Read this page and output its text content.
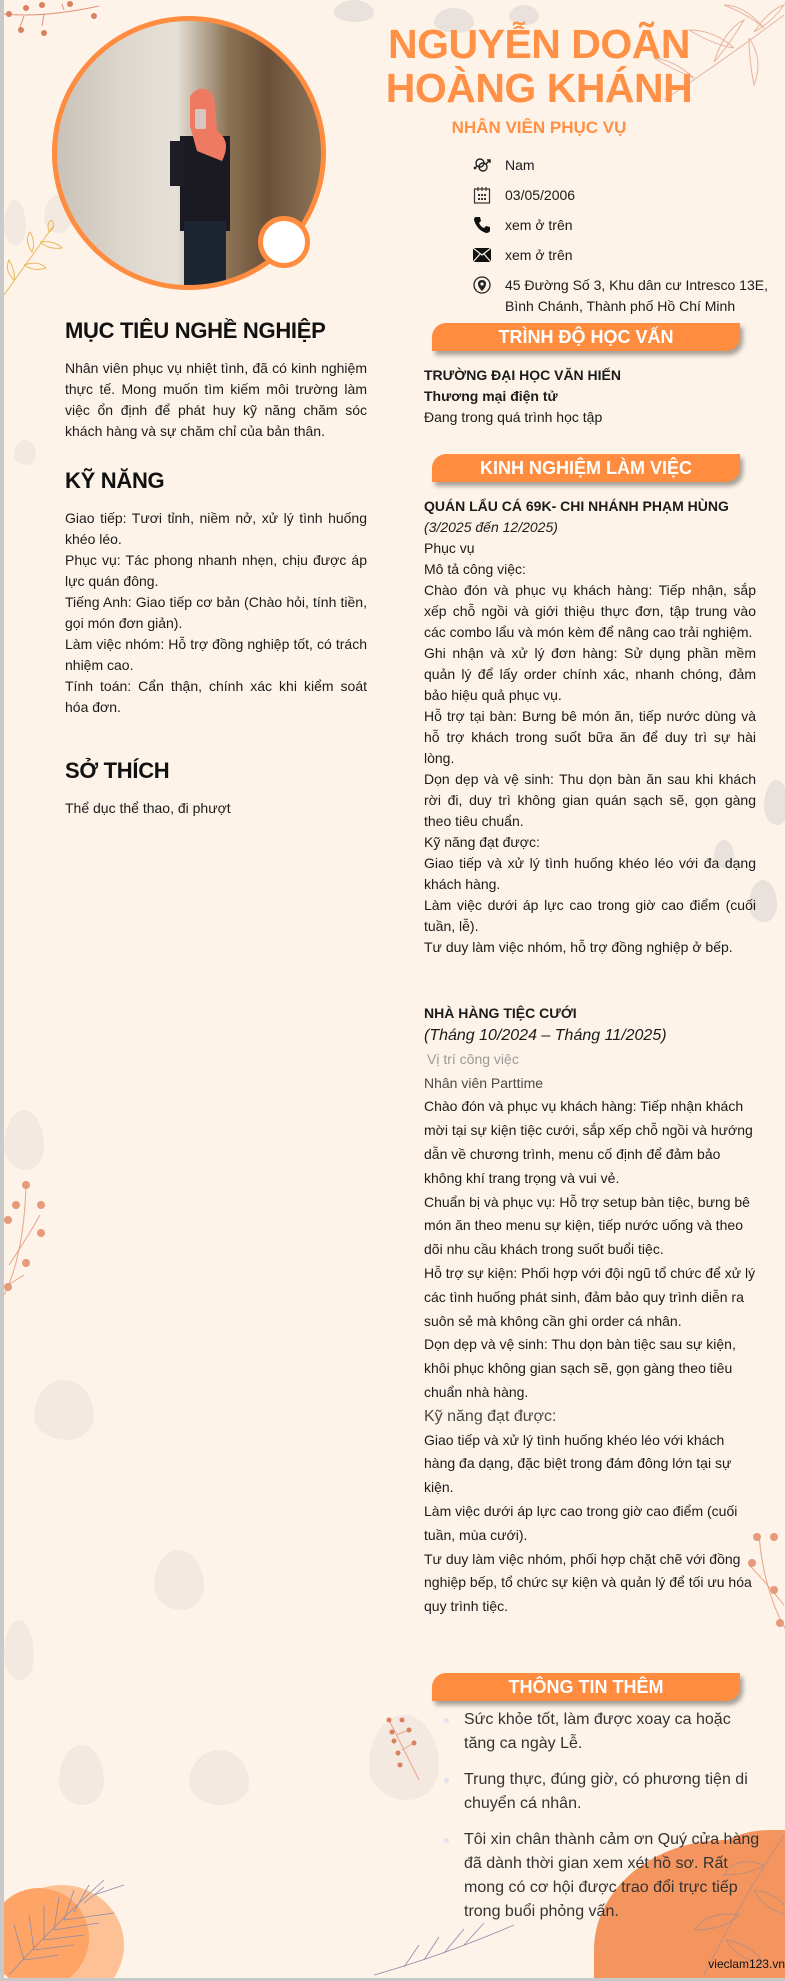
NGUYỄN DOÃN
HOÀNG KHÁNH
NHÂN VIÊN PHỤC VỤ
Nam
03/05/2006
xem ở trên
xem ở trên
45 Đường Số 3, Khu dân cư Intresco 13E, Bình Chánh, Thành phố Hồ Chí Minh
MỤC TIÊU NGHỀ NGHIỆP
Nhân viên phục vụ nhiệt tình, đã có kinh nghiệm thực tế. Mong muốn tìm kiếm môi trường làm việc ổn định để phát huy kỹ năng chăm sóc khách hàng và sự chăm chỉ của bản thân.
KỸ NĂNG
Giao tiếp: Tươi tỉnh, niềm nở, xử lý tình huống khéo léo.
Phục vụ: Tác phong nhanh nhẹn, chịu được áp lực quán đông.
Tiếng Anh: Giao tiếp cơ bản (Chào hỏi, tính tiền, gọi món đơn giản).
Làm việc nhóm: Hỗ trợ đồng nghiệp tốt, có trách nhiệm cao.
Tính toán: Cẩn thận, chính xác khi kiểm soát hóa đơn.
SỞ THÍCH
Thể dục thể thao, đi phượt
TRÌNH ĐỘ HỌC VẤN
TRƯỜNG ĐẠI HỌC VĂN HIẾN
Thương mại điện tử
Đang trong quá trình học tập
KINH NGHIỆM LÀM VIỆC
QUÁN LẨU CÁ 69K- CHI NHÁNH PHẠM HÙNG
(3/2025 đến 12/2025)
Phục vụ
Mô tả công việc:
Chào đón và phục vụ khách hàng: Tiếp nhận, sắp xếp chỗ ngồi và giới thiệu thực đơn, tập trung vào các combo lẩu và món kèm để nâng cao trải nghiệm.
Ghi nhận và xử lý đơn hàng: Sử dụng phần mềm quản lý để lấy order chính xác, nhanh chóng, đảm bảo hiệu quả phục vụ.
Hỗ trợ tại bàn: Bưng bê món ăn, tiếp nước dùng và hỗ trợ khách trong suốt bữa ăn để duy trì sự hài lòng.
Dọn dẹp và vệ sinh: Thu dọn bàn ăn sau khi khách rời đi, duy trì không gian quán sạch sẽ, gọn gàng theo tiêu chuẩn.
Kỹ năng đạt được:
Giao tiếp và xử lý tình huống khéo léo với đa dạng khách hàng.
Làm việc dưới áp lực cao trong giờ cao điểm (cuối tuần, lễ).
Tư duy làm việc nhóm, hỗ trợ đồng nghiệp ở bếp.
NHÀ HÀNG TIỆC CƯỚI
(Tháng 10/2024 – Tháng 11/2025)
Vị trí công việc
Nhân viên Parttime
Chào đón và phục vụ khách hàng: Tiếp nhận khách mời tại sự kiện tiệc cưới, sắp xếp chỗ ngồi và hướng dẫn về chương trình, menu cố định để đảm bảo không khí trang trọng và vui vẻ.
Chuẩn bị và phục vụ: Hỗ trợ setup bàn tiệc, bưng bê món ăn theo menu sự kiện, tiếp nước uống và theo dõi nhu cầu khách trong suốt buổi tiệc.
Hỗ trợ sự kiện: Phối hợp với đội ngũ tổ chức để xử lý các tình huống phát sinh, đảm bảo quy trình diễn ra suôn sẻ mà không cần ghi order cá nhân.
Dọn dẹp và vệ sinh: Thu dọn bàn tiệc sau sự kiện, khôi phục không gian sạch sẽ, gọn gàng theo tiêu chuẩn nhà hàng.
Kỹ năng đạt được:
Giao tiếp và xử lý tình huống khéo léo với khách hàng đa dạng, đặc biệt trong đám đông lớn tại sự kiện.
Làm việc dưới áp lực cao trong giờ cao điểm (cuối tuần, mùa cưới).
Tư duy làm việc nhóm, phối hợp chặt chẽ với đồng nghiệp bếp, tổ chức sự kiện và quản lý để tối ưu hóa quy trình tiệc.
THÔNG TIN THÊM
Sức khỏe tốt, làm được xoay ca hoặc tăng ca ngày Lễ.
Trung thực, đúng giờ, có phương tiện di chuyển cá nhân.
Tôi xin chân thành cảm ơn Quý cửa hàng đã dành thời gian xem xét hồ sơ. Rất mong có cơ hội được trao đổi trực tiếp trong buổi phỏng vấn.
vieclam123.vn
